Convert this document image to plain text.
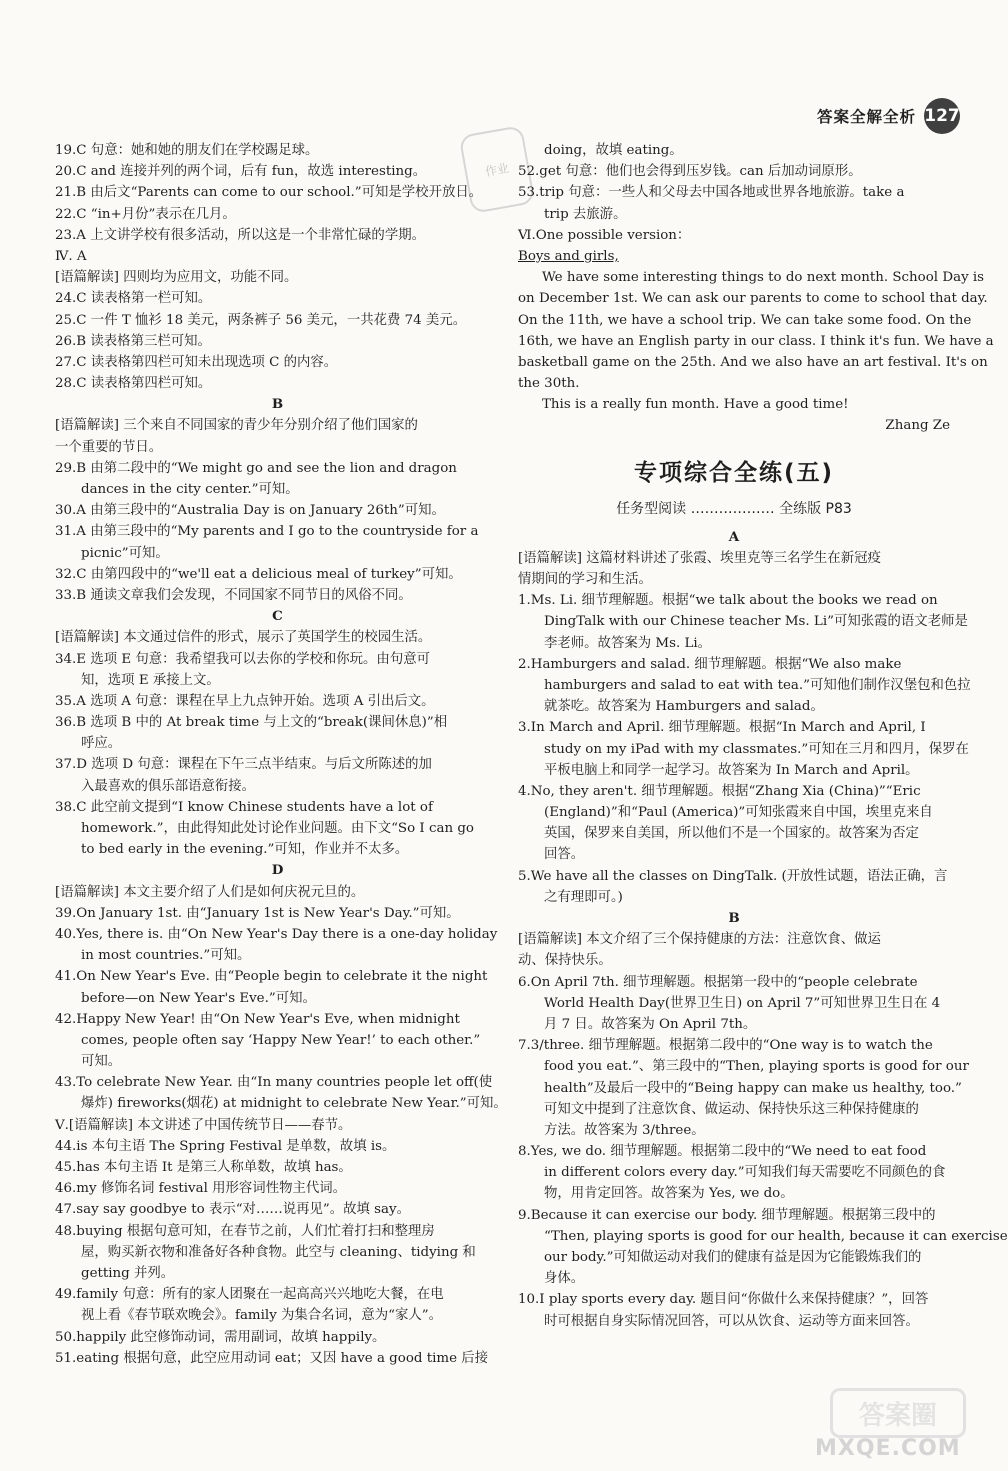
答案全解全析 127
作业
19.C 句意：她和她的朋友们在学校踢足球。
20.C and 连接并列的两个词，后有 fun，故选 interesting。
21.B 由后文“Parents can come to our school.”可知是学校开放日。
22.C “in+月份”表示在几月。
23.A 上文讲学校有很多活动，所以这是一个非常忙碌的学期。
Ⅳ. A
[语篇解读] 四则均为应用文，功能不同。
24.C 读表格第一栏可知。
25.C 一件 T 恤衫 18 美元，两条裤子 56 美元，一共花费 74 美元。
26.B 读表格第三栏可知。
27.C 读表格第四栏可知未出现选项 C 的内容。
28.C 读表格第四栏可知。
B
[语篇解读] 三个来自不同国家的青少年分别介绍了他们国家的
一个重要的节日。
29.B 由第二段中的“We might go and see the lion and dragon
dances in the city center.”可知。
30.A 由第三段中的“Australia Day is on January 26th”可知。
31.A 由第三段中的“My parents and I go to the countryside for a
picnic”可知。
32.C 由第四段中的“we'll eat a delicious meal of turkey”可知。
33.B 通读文章我们会发现，不同国家不同节日的风俗不同。
C
[语篇解读] 本文通过信件的形式，展示了英国学生的校园生活。
34.E 选项 E 句意：我希望我可以去你的学校和你玩。由句意可
知，选项 E 承接上文。
35.A 选项 A 句意：课程在早上九点钟开始。选项 A 引出后文。
36.B 选项 B 中的 At break time 与上文的“break(课间休息)”相
呼应。
37.D 选项 D 句意：课程在下午三点半结束。与后文所陈述的加
入最喜欢的俱乐部语意衔接。
38.C 此空前文提到“I know Chinese students have a lot of
homework.”，由此得知此处讨论作业问题。由下文“So I can go
to bed early in the evening.”可知，作业并不太多。
D
[语篇解读] 本文主要介绍了人们是如何庆祝元旦的。
39.On January 1st. 由“January 1st is New Year's Day.”可知。
40.Yes, there is. 由“On New Year's Day there is a one-day holiday
in most countries.”可知。
41.On New Year's Eve. 由“People begin to celebrate it the night
before—on New Year's Eve.”可知。
42.Happy New Year! 由“On New Year's Eve, when midnight
comes, people often say ‘Happy New Year!’ to each other.”
可知。
43.To celebrate New Year. 由“In many countries people let off(使
爆炸) fireworks(烟花) at midnight to celebrate New Year.”可知。
Ⅴ.[语篇解读] 本文讲述了中国传统节日——春节。
44.is 本句主语 The Spring Festival 是单数，故填 is。
45.has 本句主语 It 是第三人称单数，故填 has。
46.my 修饰名词 festival 用形容词性物主代词。
47.say say goodbye to 表示“对……说再见”。故填 say。
48.buying 根据句意可知，在春节之前，人们忙着打扫和整理房
屋，购买新衣物和准备好各种食物。此空与 cleaning、tidying 和
getting 并列。
49.family 句意：所有的家人团聚在一起高高兴兴地吃大餐，在电
视上看《春节联欢晚会》。family 为集合名词，意为“家人”。
50.happily 此空修饰动词，需用副词，故填 happily。
51.eating 根据句意，此空应用动词 eat；又因 have a good time 后接
doing，故填 eating。
52.get 句意：他们也会得到压岁钱。can 后加动词原形。
53.trip 句意：一些人和父母去中国各地或世界各地旅游。take a
trip 去旅游。
Ⅵ.One possible version：
Boys and girls,
We have some interesting things to do next month. School Day is
on December 1st. We can ask our parents to come to school that day.
On the 11th, we have a school trip. We can take some food. On the
16th, we have an English party in our class. I think it's fun. We have a
basketball game on the 25th. And we also have an art festival. It's on
the 30th.
This is a really fun month. Have a good time!
Zhang Ze
专项综合全练(五)
任务型阅读 ……………… 全练版 P83
A
[语篇解读] 这篇材料讲述了张霞、埃里克等三名学生在新冠疫
情期间的学习和生活。
1.Ms. Li. 细节理解题。根据“we talk about the books we read on
DingTalk with our Chinese teacher Ms. Li”可知张霞的语文老师是
李老师。故答案为 Ms. Li。
2.Hamburgers and salad. 细节理解题。根据“We also make
hamburgers and salad to eat with tea.”可知他们制作汉堡包和色拉
就茶吃。故答案为 Hamburgers and salad。
3.In March and April. 细节理解题。根据“In March and April, I
study on my iPad with my classmates.”可知在三月和四月，保罗在
平板电脑上和同学一起学习。故答案为 In March and April。
4.No, they aren't. 细节理解题。根据“Zhang Xia (China)”“Eric
(England)”和“Paul (America)”可知张霞来自中国，埃里克来自
英国，保罗来自美国，所以他们不是一个国家的。故答案为否定
回答。
5.We have all the classes on DingTalk. (开放性试题，语法正确，言
之有理即可。)
B
[语篇解读] 本文介绍了三个保持健康的方法：注意饮食、做运
动、保持快乐。
6.On April 7th. 细节理解题。根据第一段中的“people celebrate
World Health Day(世界卫生日) on April 7”可知世界卫生日在 4
月 7 日。故答案为 On April 7th。
7.3/three. 细节理解题。根据第二段中的“One way is to watch the
food you eat.”、第三段中的“Then, playing sports is good for our
health”及最后一段中的“Being happy can make us healthy, too.”
可知文中提到了注意饮食、做运动、保持快乐这三种保持健康的
方法。故答案为 3/three。
8.Yes, we do. 细节理解题。根据第二段中的“We need to eat food
in different colors every day.”可知我们每天需要吃不同颜色的食
物，用肯定回答。故答案为 Yes, we do。
9.Because it can exercise our body. 细节理解题。根据第三段中的
“Then, playing sports is good for our health, because it can exercise
our body.”可知做运动对我们的健康有益是因为它能锻炼我们的
身体。
10.I play sports every day. 题目问“你做什么来保持健康？”，回答
时可根据自身实际情况回答，可以从饮食、运动等方面来回答。
答案圈
MXQE.COM
